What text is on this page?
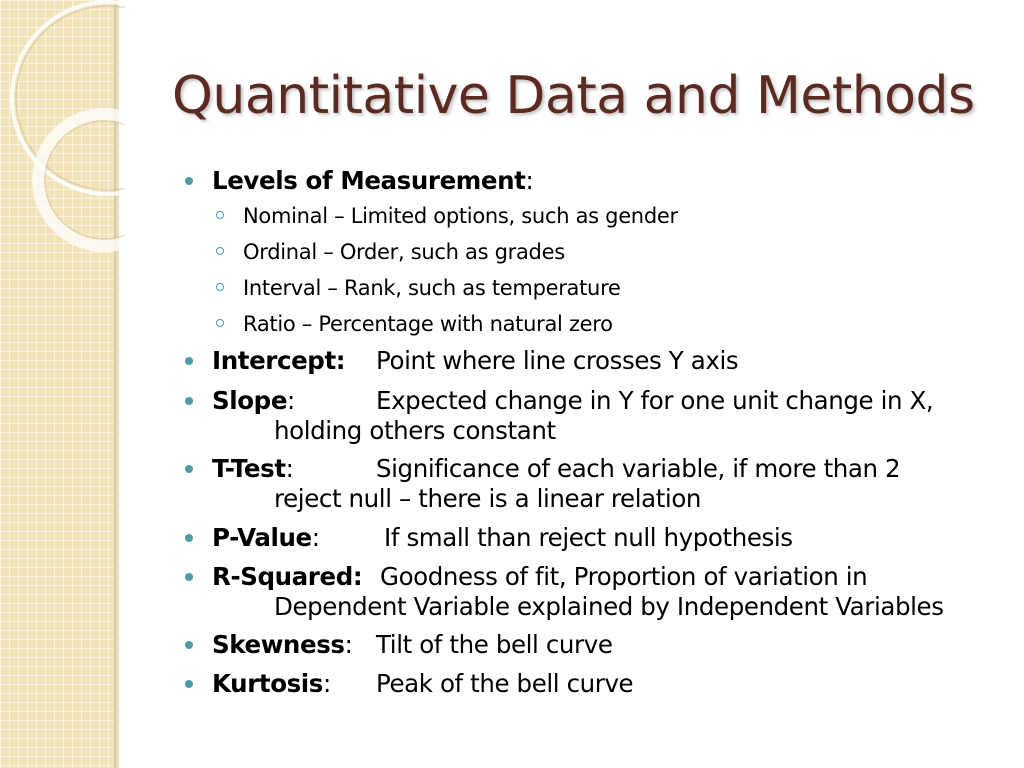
Quantitative Data and Methods
Levels of Measurement:
Nominal – Limited options, such as gender
Ordinal – Order, such as grades
Interval – Rank, such as temperature
Ratio – Percentage with natural zero
Intercept: Point where line crosses Y axis
Slope:	Expected change in Y for one unit change in X,
holding others constant
T-Test:	Significance of each variable, if more than 2
reject null – there is a linear relation
P-Value:	If small than reject null hypothesis
R-Squared: Goodness of fit, Proportion of variation in
Dependent Variable explained by Independent Variables
Skewness: Tilt of the bell curve
Kurtosis: Peak of the bell curve
